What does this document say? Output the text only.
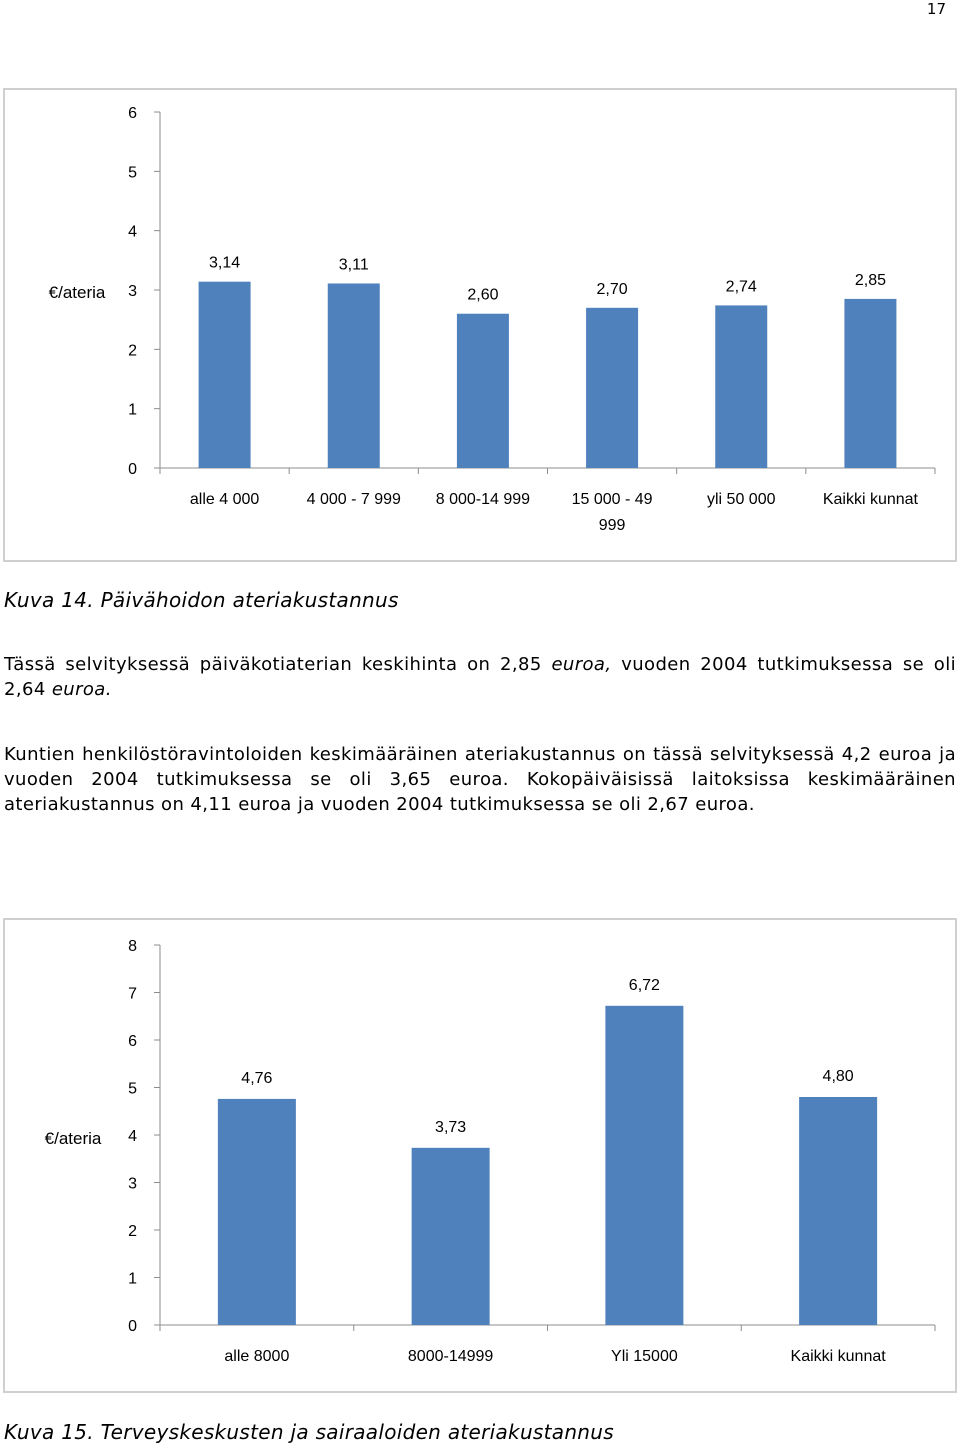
17
0
1
2
3
4
5
6
€/ateria
3,14
alle 4 000
3,11
4 000 - 7 999
2,60
8 000-14 999
2,70
15 000 - 49
999
2,74
yli 50 000
2,85
Kaikki kunnat
Kuva 14. Päivähoidon ateriakustannus
Tässä selvityksessä päiväkotiaterian keskihinta on 2,85 euroa, vuoden 2004 tutkimuksessa se oli 2,64 euroa.
Kuntien henkilöstöravintoloiden keskimääräinen ateriakustannus on tässä selvityksessä 4,2 euroa ja vuoden 2004 tutkimuksessa se oli 3,65 euroa. Kokopäiväisissä laitoksissa keskimääräinen ateriakustannus on 4,11 euroa ja vuoden 2004 tutkimuksessa se oli 2,67 euroa.
0
1
2
3
4
5
6
7
8
€/ateria
4,76
alle 8000
3,73
8000-14999
6,72
Yli 15000
4,80
Kaikki kunnat
Kuva 15. Terveyskeskusten ja sairaaloiden ateriakustannus
